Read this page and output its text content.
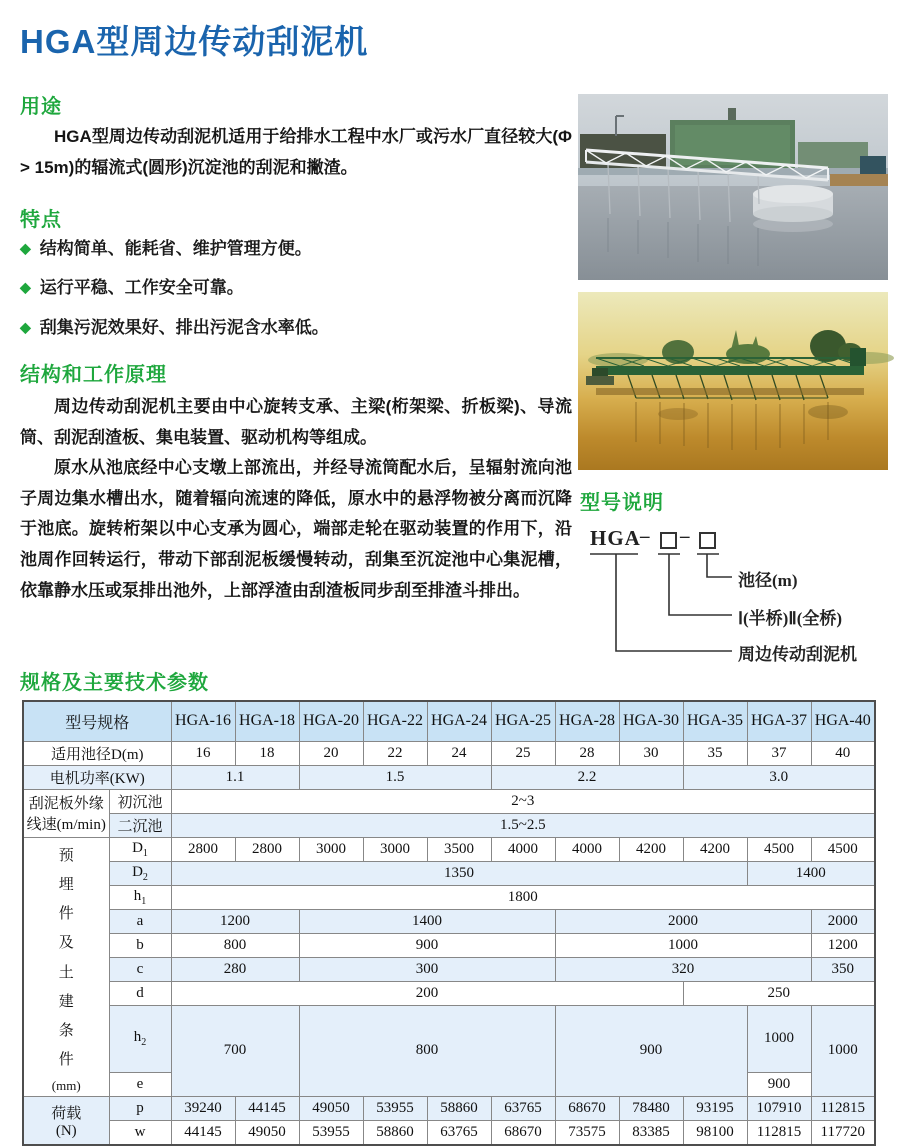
HGA型周边传动刮泥机
用途
HGA型周边传动刮泥机适用于给排水工程中水厂或污水厂直径较大(Φ > 15m)的辐流式(圆形)沉淀池的刮泥和撇渣。
特点
◆ 结构简单、能耗省、维护管理方便。
◆ 运行平稳、工作安全可靠。
◆ 刮集污泥效果好、排出污泥含水率低。
结构和工作原理

周边传动刮泥机主要由中心旋转支承、主梁(桁架梁、折板梁)、导流筒、刮泥刮渣板、集电装置、驱动机构等组成。

原水从池底经中心支墩上部流出，并经导流筒配水后，呈辐射流向池子周边集水槽出水，随着辐向流速的降低，原水中的悬浮物被分离而沉降于池底。旋转桁架以中心支承为圆心，端部走轮在驱动装置的作用下，沿池周作回转运行，带动下部刮泥板缓慢转动，刮集至沉淀池中心集泥槽，依靠静水压或泵排出池外，上部浮渣由刮渣板同步刮至排渣斗排出。

型号说明
HGA – –
池径(m)
Ⅰ(半桥)Ⅱ(全桥)
周边传动刮泥机
规格及主要技术参数
型号规格		HGA-16	HGA-18	HGA-20	HGA-22	HGA-24	HGA-25	HGA-28	HGA-30	HGA-35	HGA-37	HGA-40
适用池径D(m)		16	18	20	22	24	25	28	30	35	37	40
电机功率(KW)		1.1		1.5			2.2			3.0		
刮泥板外缘
线速(m/min)	初沉池	2~3										
	二沉池	1.5~2.5										

预埋件及土建条件
(mm)	$D_1$	2800	2800	3000	3000	3500	4000	4000	4200	4200	4500	4500
	$D_2$	1350									1400	
	$h_1$	1800										
	a	1200		1400				2000				2000
	b	800		900				1000				1200
	c	280		300				320				350
	d	200								250		
	$h_2$	700		800				900			1000	1000
	e										900	
荷载
(N)	p	39240	44145	49050	53955	58860	63765	68670	78480	93195	107910	112815
	w	44145	49050	53955	58860	63765	68670	73575	83385	98100	112815	117720
